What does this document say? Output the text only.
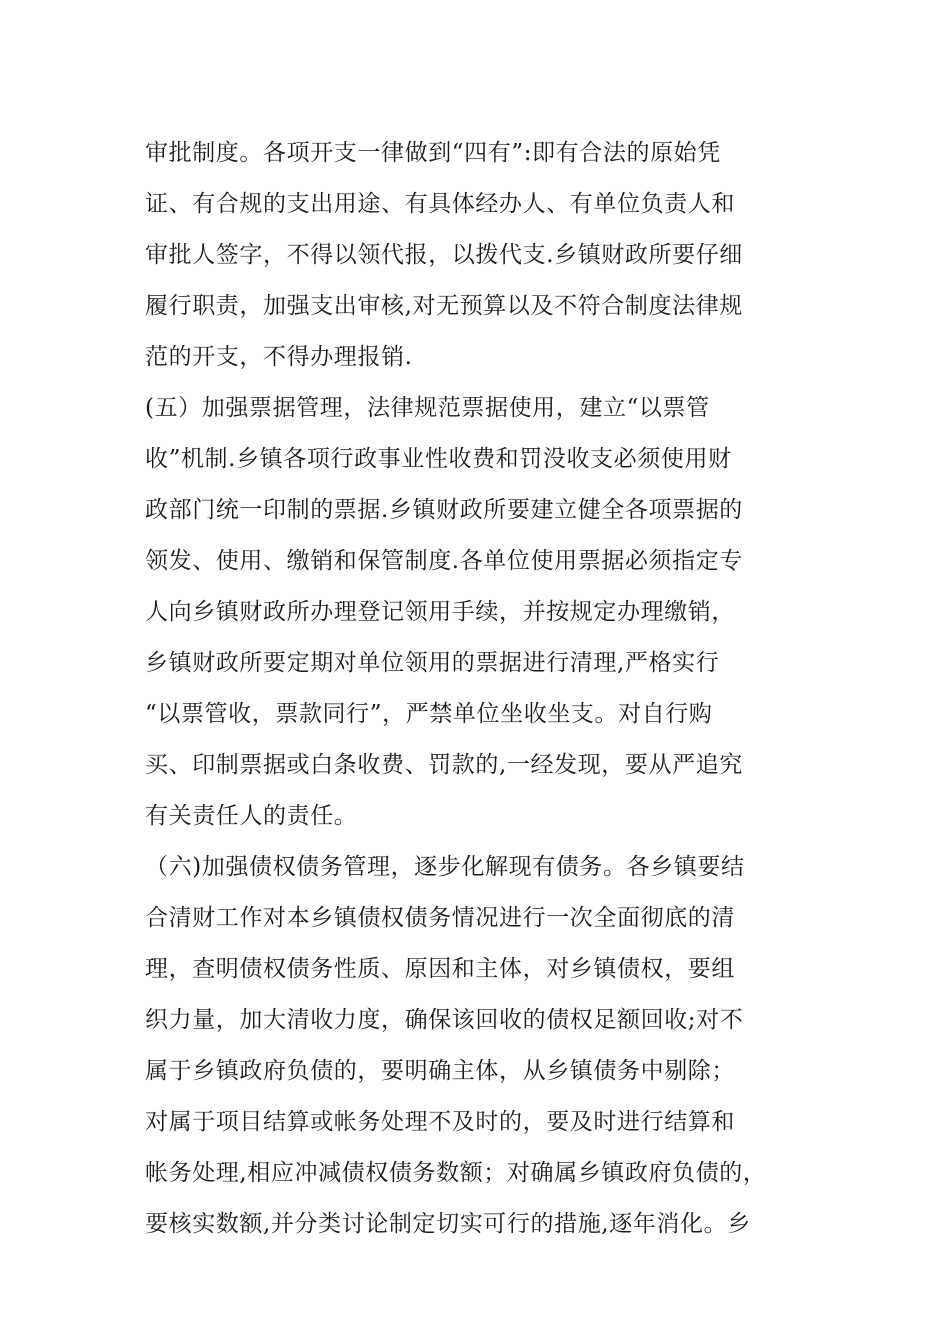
审批制度。各项开支一律做到“四有”:即有合法的原始凭
证、有合规的支出用途、有具体经办人、有单位负责人和
审批人签字，不得以领代报，以拨代支.乡镇财政所要仔细
履行职责，加强支出审核,对无预算以及不符合制度法律规
范的开支，不得办理报销.
(五）加强票据管理，法律规范票据使用，建立“以票管
收”机制.乡镇各项行政事业性收费和罚没收支必须使用财
政部门统一印制的票据.乡镇财政所要建立健全各项票据的
领发、使用、缴销和保管制度.各单位使用票据必须指定专
人向乡镇财政所办理登记领用手续，并按规定办理缴销，
乡镇财政所要定期对单位领用的票据进行清理,严格实行
“以票管收，票款同行”，严禁单位坐收坐支。对自行购
买、印制票据或白条收费、罚款的,一经发现，要从严追究
有关责任人的责任。
（六)加强债权债务管理，逐步化解现有债务。各乡镇要结
合清财工作对本乡镇债权债务情况进行一次全面彻底的清
理，查明债权债务性质、原因和主体，对乡镇债权，要组
织力量，加大清收力度，确保该回收的债权足额回收;对不
属于乡镇政府负债的，要明确主体，从乡镇债务中剔除；
对属于项目结算或帐务处理不及时的，要及时进行结算和
帐务处理,相应冲减债权债务数额；对确属乡镇政府负债的，
要核实数额,并分类讨论制定切实可行的措施,逐年消化。乡
